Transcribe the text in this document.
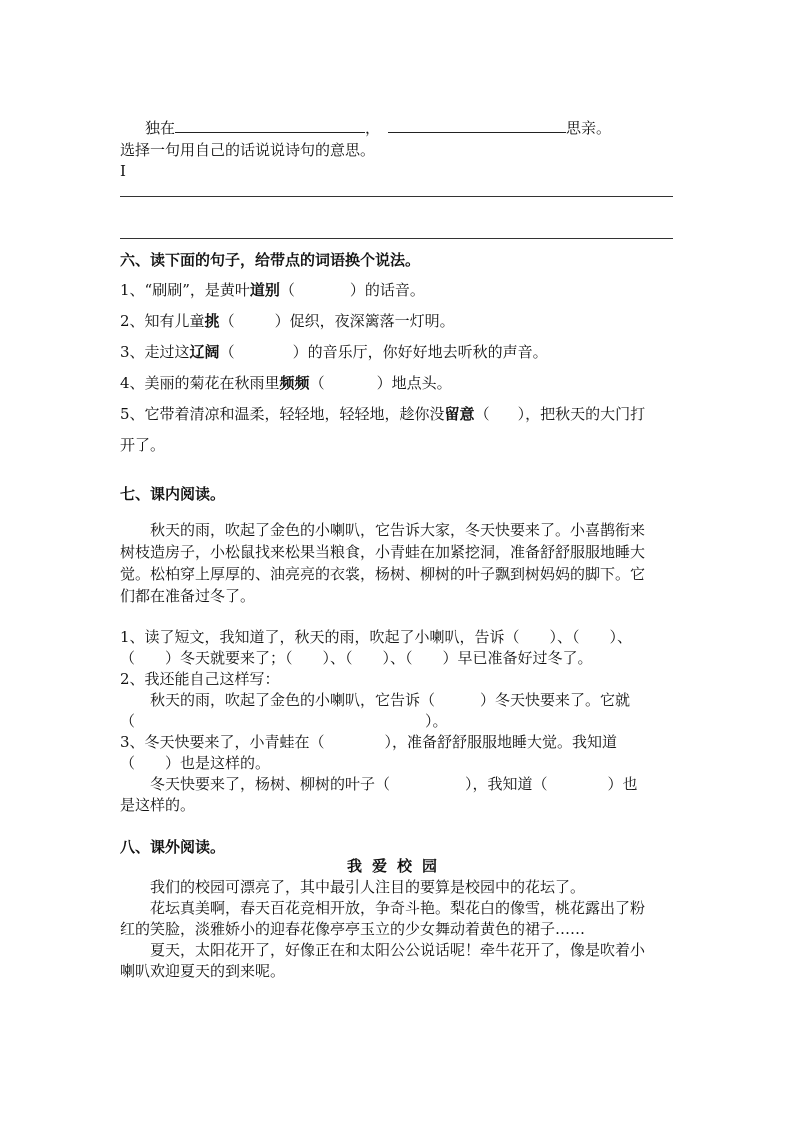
独在	，	思亲。
选择一句用自己的话说说诗句的意思。
I
六、读下面的句子，给带点的词语换个说法。
1、“刷刷”，是黄叶道别（	）的话音。
2、知有儿童挑（	）促织，夜深篱落一灯明。
3、走过这辽阔（	）的音乐厅，你好好地去听秋的声音。
4、美丽的菊花在秋雨里频频（	）地点头。
5、它带着清凉和温柔，轻轻地，轻轻地，趁你没留意（ ），把秋天的大门打
开了。
七、课内阅读。
秋天的雨，吹起了金色的小喇叭，它告诉大家，冬天快要来了。小喜鹊衔来
树枝造房子，小松鼠找来松果当粮食，小青蛙在加紧挖洞，准备舒舒服服地睡大
觉。松柏穿上厚厚的、油亮亮的衣裳，杨树、柳树的叶子飘到树妈妈的脚下。它
们都在准备过冬了。
1、读了短文，我知道了，秋天的雨，吹起了小喇叭，告诉（　　）、（　　）、
（　　）冬天就要来了；（　　）、（　　）、（　　）早已准备好过冬了。
2、我还能自己这样写：
秋天的雨，吹起了金色的小喇叭，它告诉（　　　）冬天快要来了。它就
（	）。
3、冬天快要来了，小青蛙在（　　　　），准备舒舒服服地睡大觉。我知道
（　　）也是这样的。
冬天快要来了，杨树、柳树的叶子（　　　　　），我知道（　　　　）也
是这样的。
八、课外阅读。
我爱校园
我们的校园可漂亮了，其中最引人注目的要算是校园中的花坛了。
花坛真美啊，春天百花竞相开放，争奇斗艳。梨花白的像雪，桃花露出了粉
红的笑脸，淡雅娇小的迎春花像亭亭玉立的少女舞动着黄色的裙子……
夏天，太阳花开了，好像正在和太阳公公说话呢！牵牛花开了，像是吹着小
喇叭欢迎夏天的到来呢。
